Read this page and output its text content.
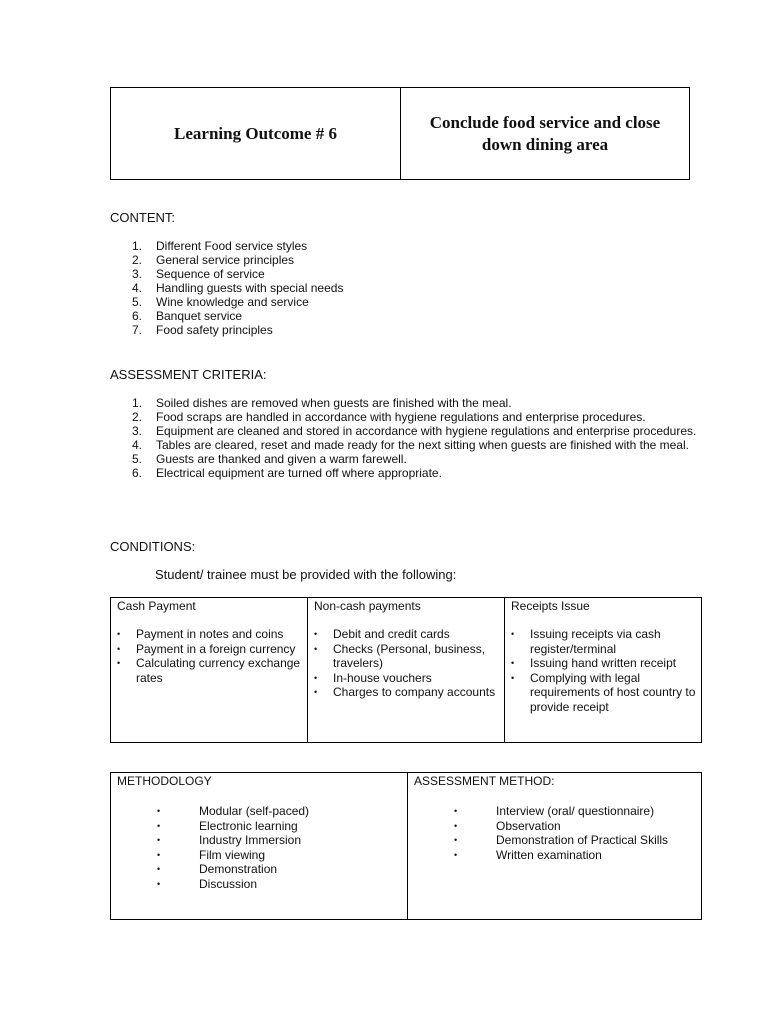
Learning Outcome # 6
Conclude food service and close down dining area
CONTENT:
1. Different Food service styles
2. General service principles
3. Sequence of service
4. Handling guests with special needs
5. Wine knowledge and service
6. Banquet service
7. Food safety principles
ASSESSMENT CRITERIA:
1. Soiled dishes are removed when guests are finished with the meal.
2. Food scraps are handled in accordance with hygiene regulations and enterprise procedures.
3. Equipment are cleaned and stored in accordance with hygiene regulations and enterprise procedures.
4. Tables are cleared, reset and made ready for the next sitting when guests are finished with the meal.
5. Guests are thanked and given a warm farewell.
6. Electrical equipment are turned off where appropriate.
CONDITIONS:
Student/ trainee must be provided with the following:
Cash Payment
• Payment in notes and coins
• Payment in a foreign currency
• Calculating currency exchange rates

Non-cash payments
• Debit and credit cards
• Checks (Personal, business, travelers)
• In-house vouchers
• Charges to company accounts

Receipts Issue
• Issuing receipts via cash register/terminal
• Issuing hand written receipt
• Complying with legal requirements of host country to provide receipt
METHODOLOGY
•	Modular (self-paced)
•	Electronic learning
•	Industry Immersion
•	Film viewing
•	Demonstration
•	Discussion

ASSESSMENT METHOD:
•	Interview (oral/ questionnaire)
•	Observation
•	Demonstration of Practical Skills
•	Written examination
